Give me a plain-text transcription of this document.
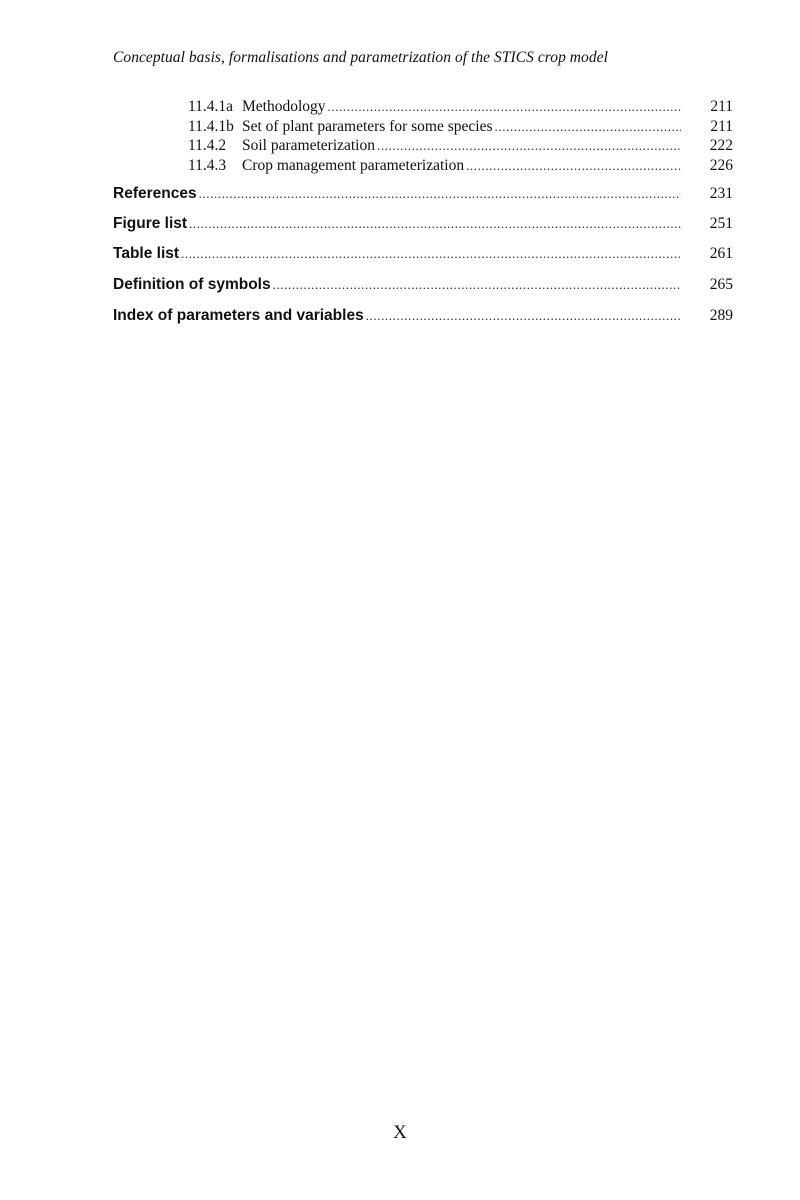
Conceptual basis, formalisations and parametrization of the STICS crop model
11.4.1a Methodology .....	211
11.4.1b Set of plant parameters for some species .....	211
11.4.2	Soil parameterization .....	222
11.4.3	Crop management parameterization .....	226
References .....	231
Figure list .....	251
Table list .....	261
Definition of symbols .....	265
Index of parameters and variables .....	289
X
